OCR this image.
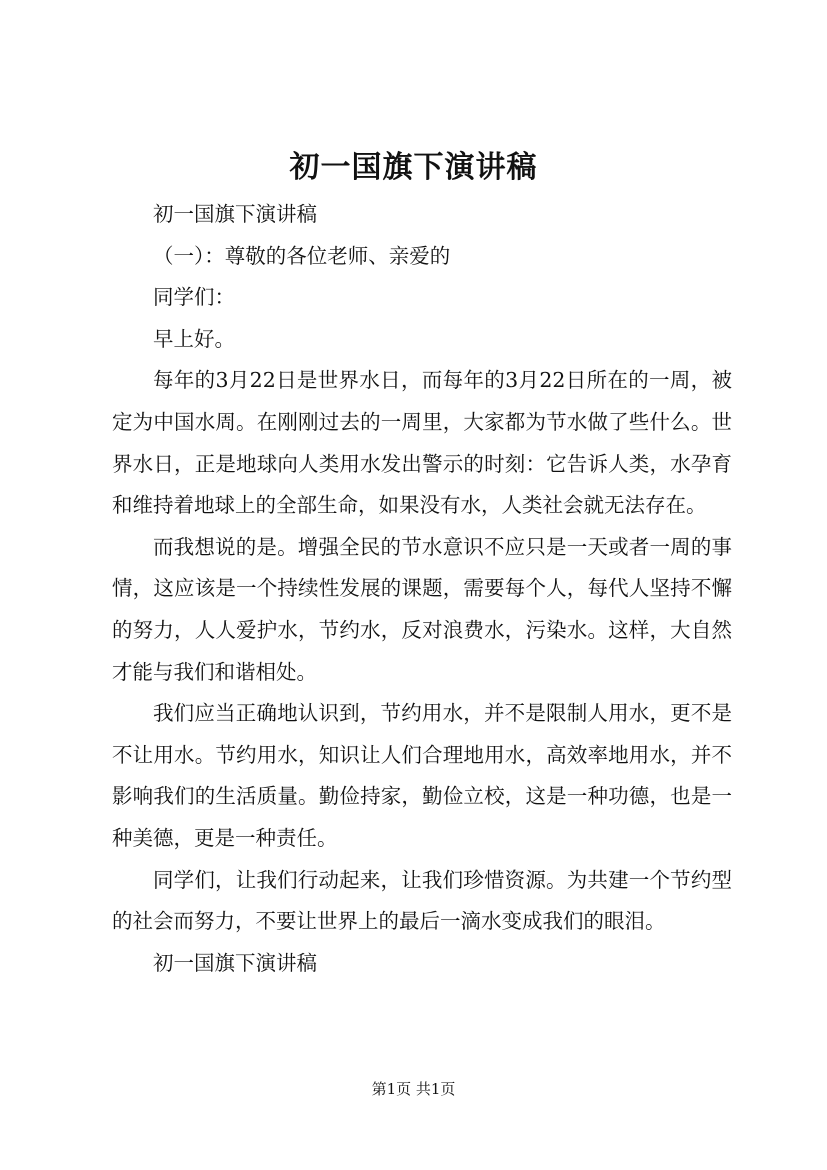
初一国旗下演讲稿

初一国旗下演讲稿

（一）：尊敬的各位老师、亲爱的

同学们：

早上好。

每年的3月22日是世界水日，而每年的3月22日所在的一周，被定为中国水周。在刚刚过去的一周里，大家都为节水做了些什么。世界水日，正是地球向人类用水发出警示的时刻：它告诉人类，水孕育和维持着地球上的全部生命，如果没有水，人类社会就无法存在。

而我想说的是。增强全民的节水意识不应只是一天或者一周的事情，这应该是一个持续性发展的课题，需要每个人，每代人坚持不懈的努力，人人爱护水，节约水，反对浪费水，污染水。这样，大自然才能与我们和谐相处。

我们应当正确地认识到，节约用水，并不是限制人用水，更不是不让用水。节约用水，知识让人们合理地用水，高效率地用水，并不影响我们的生活质量。勤俭持家，勤俭立校，这是一种功德，也是一种美德，更是一种责任。

同学们，让我们行动起来，让我们珍惜资源。为共建一个节约型的社会而努力，不要让世界上的最后一滴水变成我们的眼泪。

初一国旗下演讲稿

第1页 共1页
